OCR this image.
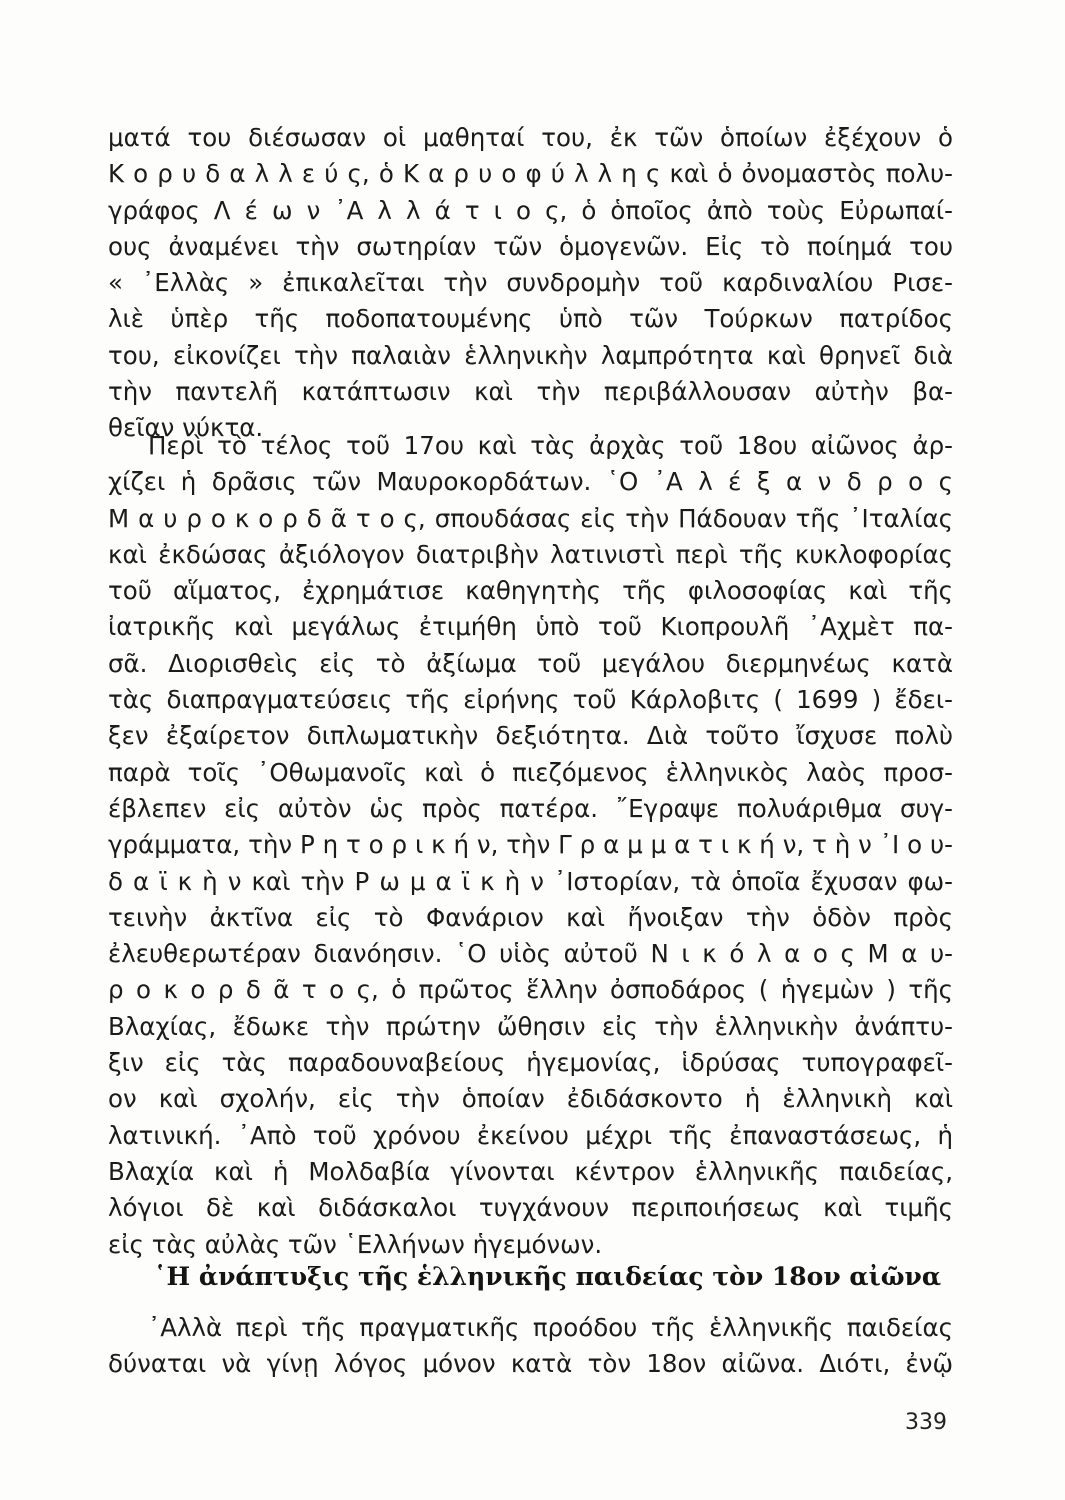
ματά του διέσωσαν οἱ μαθηταί του, ἐκ τῶν ὁποίων ἐξέχουν ὁ
Κ ο ρ υ δ α λ λ ε ύ ς, ὁ Κ α ρ υ ο φ ύ λ λ η ς καὶ ὁ ὀνομαστὸς πολυ-
γράφος Λ έ ω ν ᾿Α λ λ ά τ ι ο ς, ὁ ὁποῖος ἀπὸ τοὺς Εὐρωπαί-
ους ἀναμένει τὴν σωτηρίαν τῶν ὁμογενῶν. Εἰς τὸ ποίημά του
« ᾿Ελλὰς » ἐπικαλεῖται τὴν συνδρομὴν τοῦ καρδιναλίου Ρισε-
λιὲ ὑπὲρ τῆς ποδοπατουμένης ὑπὸ τῶν Τούρκων πατρίδος
του, εἰκονίζει τὴν παλαιὰν ἑλληνικὴν λαμπρότητα καὶ θρηνεῖ διὰ
τὴν παντελῆ κατάπτωσιν καὶ τὴν περιβάλλουσαν αὐτὴν βα-
θεῖαν νύκτα.
Περὶ τὸ τέλος τοῦ 17ου καὶ τὰς ἀρχὰς τοῦ 18ου αἰῶνος ἀρ-
χίζει ἡ δρᾶσις τῶν Μαυροκορδάτων. ῾Ο ᾿Α λ έ ξ α ν δ ρ ο ς
Μ α υ ρ ο κ ο ρ δ ᾶ τ ο ς, σπουδάσας εἰς τὴν Πάδουαν τῆς ᾿Ιταλίας
καὶ ἐκδώσας ἀξιόλογον διατριβὴν λατινιστὶ περὶ τῆς κυκλοφορίας
τοῦ αἵματος, ἐχρημάτισε καθηγητὴς τῆς φιλοσοφίας καὶ τῆς
ἰατρικῆς καὶ μεγάλως ἐτιμήθη ὑπὸ τοῦ Κιοπρουλῆ ᾿Αχμὲτ πα-
σᾶ. Διορισθεὶς εἰς τὸ ἀξίωμα τοῦ μεγάλου διερμηνέως κατὰ
τὰς διαπραγματεύσεις τῆς εἰρήνης τοῦ Κάρλοβιτς ( 1699 ) ἔδει-
ξεν ἐξαίρετον διπλωματικὴν δεξιότητα. Διὰ τοῦτο ἴσχυσε πολὺ
παρὰ τοῖς ᾿Οθωμανοῖς καὶ ὁ πιεζόμενος ἑλληνικὸς λαὸς προσ-
έβλεπεν εἰς αὐτὸν ὡς πρὸς πατέρα. ῎Εγραψε πολυάριθμα συγ-
γράμματα, τὴν Ρ η τ ο ρ ι κ ή ν, τὴν Γ ρ α μ μ α τ ι κ ή ν, τ ὴ ν ᾿Ι ο υ-
δ α ϊ κ ὴ ν καὶ τὴν Ρ ω μ α ϊ κ ὴ ν ᾿Ιστορίαν, τὰ ὁποῖα ἔχυσαν φω-
τεινὴν ἀκτῖνα εἰς τὸ Φανάριον καὶ ἤνοιξαν τὴν ὁδὸν πρὸς
ἐλευθερωτέραν διανόησιν. ῾Ο υἱὸς αὐτοῦ Ν ι κ ό λ α ο ς Μ α υ-
ρ ο κ ο ρ δ ᾶ τ ο ς, ὁ πρῶτος ἕλλην ὀσποδάρος ( ἡγεμὼν ) τῆς
Βλαχίας, ἔδωκε τὴν πρώτην ὤθησιν εἰς τὴν ἑλληνικὴν ἀνάπτυ-
ξιν εἰς τὰς παραδουναβείους ἡγεμονίας, ἱδρύσας τυπογραφεῖ-
ον καὶ σχολήν, εἰς τὴν ὁποίαν ἐδιδάσκοντο ἡ ἑλληνικὴ καὶ
λατινική. ᾿Απὸ τοῦ χρόνου ἐκείνου μέχρι τῆς ἐπαναστάσεως, ἡ
Βλαχία καὶ ἡ Μολδαβία γίνονται κέντρον ἑλληνικῆς παιδείας,
λόγιοι δὲ καὶ διδάσκαλοι τυγχάνουν περιποιήσεως καὶ τιμῆς
εἰς τὰς αὐλὰς τῶν ῾Ελλήνων ἡγεμόνων.
῾Η ἀνάπτυξις τῆς ἑλληνικῆς παιδείας τὸν 18ον αἰῶνα
᾿Αλλὰ περὶ τῆς πραγματικῆς προόδου τῆς ἑλληνικῆς παιδείας
δύναται νὰ γίνῃ λόγος μόνον κατὰ τὸν 18ον αἰῶνα. Διότι, ἐνῷ
339
